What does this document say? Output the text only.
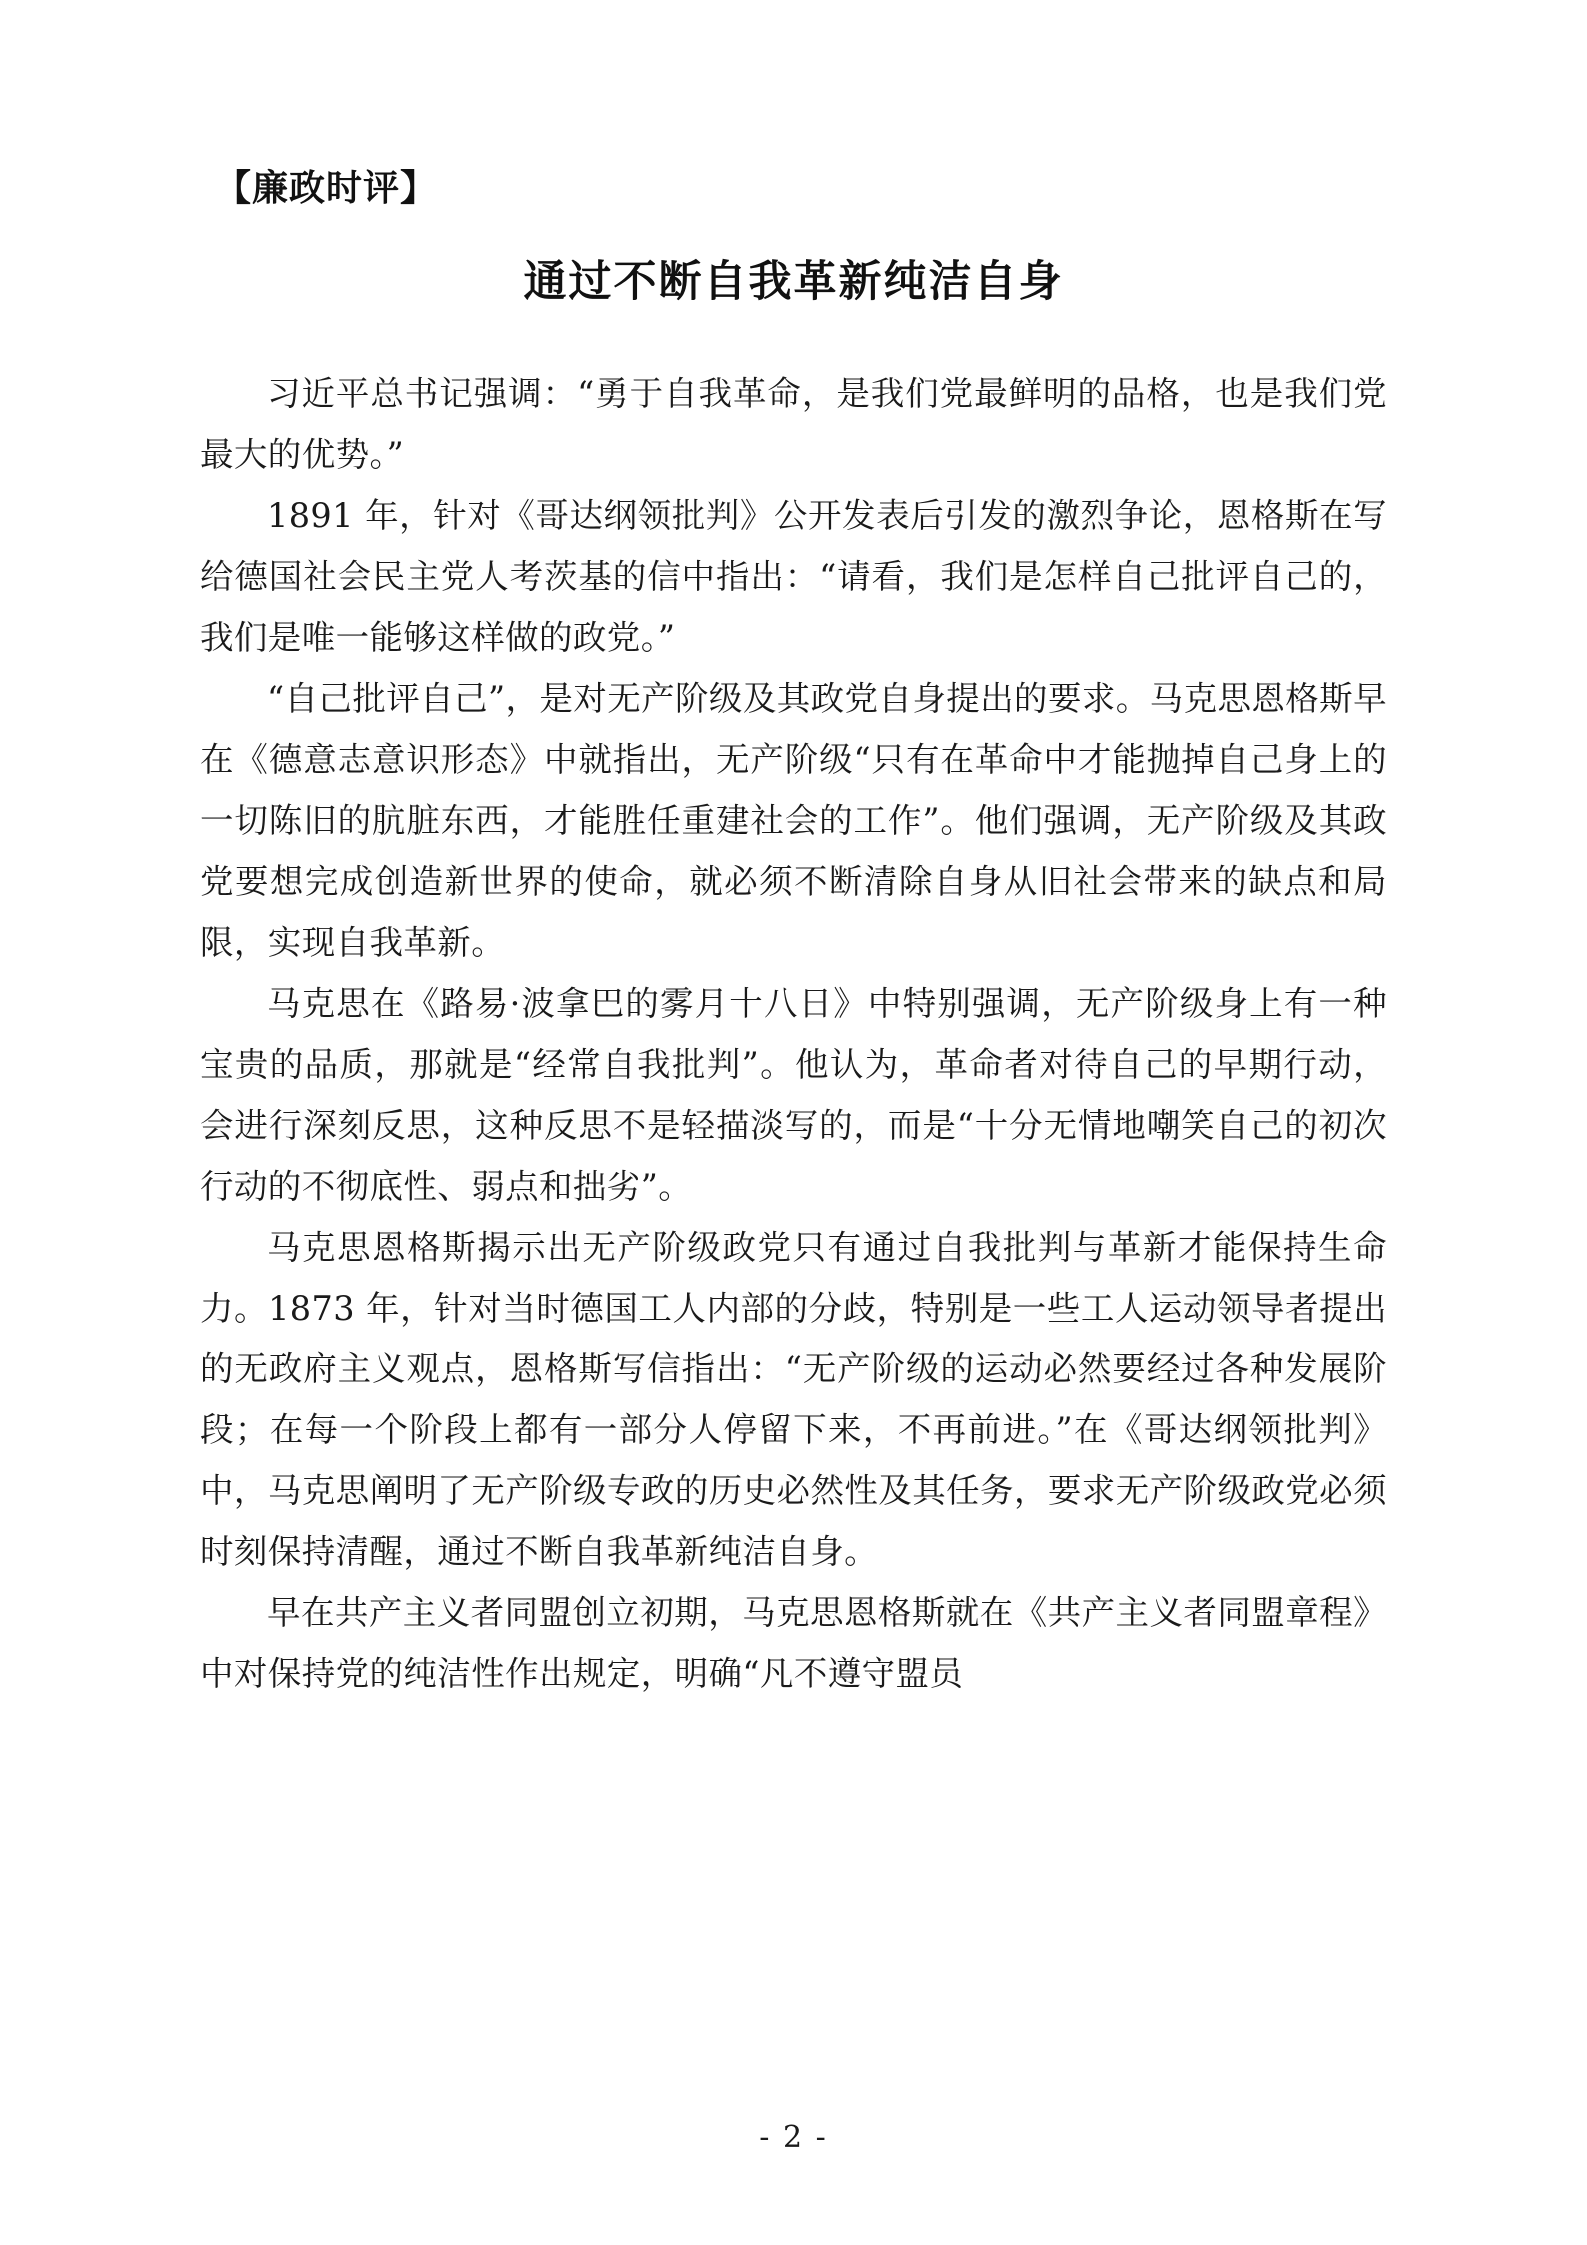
【廉政时评】
通过不断自我革新纯洁自身

习近平总书记强调：“勇于自我革命，是我们党最鲜明的品格，也是我们党最大的优势。”

1891 年，针对《哥达纲领批判》公开发表后引发的激烈争论，恩格斯在写给德国社会民主党人考茨基的信中指出：“请看，我们是怎样自己批评自己的，我们是唯一能够这样做的政党。”

“自己批评自己”，是对无产阶级及其政党自身提出的要求。马克思恩格斯早在《德意志意识形态》中就指出，无产阶级“只有在革命中才能抛掉自己身上的一切陈旧的肮脏东西，才能胜任重建社会的工作”。他们强调，无产阶级及其政党要想完成创造新世界的使命，就必须不断清除自身从旧社会带来的缺点和局限，实现自我革新。

马克思在《路易·波拿巴的雾月十八日》中特别强调，无产阶级身上有一种宝贵的品质，那就是“经常自我批判”。他认为，革命者对待自己的早期行动，会进行深刻反思，这种反思不是轻描淡写的，而是“十分无情地嘲笑自己的初次行动的不彻底性、弱点和拙劣”。

马克思恩格斯揭示出无产阶级政党只有通过自我批判与革新才能保持生命力。1873 年，针对当时德国工人内部的分歧，特别是一些工人运动领导者提出的无政府主义观点，恩格斯写信指出：“无产阶级的运动必然要经过各种发展阶段；在每一个阶段上都有一部分人停留下来，不再前进。”在《哥达纲领批判》中，马克思阐明了无产阶级专政的历史必然性及其任务，要求无产阶级政党必须时刻保持清醒，通过不断自我革新纯洁自身。

早在共产主义者同盟创立初期，马克思恩格斯就在《共产主义者同盟章程》中对保持党的纯洁性作出规定，明确“凡不遵守盟员

- 2 -
